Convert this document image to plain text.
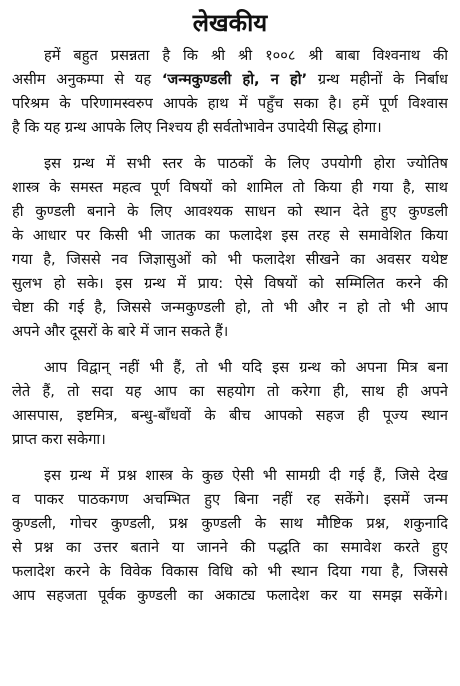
लेखकीय
हमें बहुत प्रसन्नता है कि श्री श्री १००८ श्री बाबा विश्वनाथ की
असीम अनुकम्पा से यह ‘जन्मकुण्डली हो, न हो’ ग्रन्थ महीनों के निर्बाध
परिश्रम के परिणामस्वरुप आपके हाथ में पहुँच सका है। हमें पूर्ण विश्वास
है कि यह ग्रन्थ आपके लिए निश्चय ही सर्वतोभावेन उपादेयी सिद्ध होगा।
इस ग्रन्थ में सभी स्तर के पाठकों के लिए उपयोगी होरा ज्योतिष
शास्त्र के समस्त महत्व पूर्ण विषयों को शामिल तो किया ही गया है, साथ
ही कुण्डली बनाने के लिए आवश्यक साधन को स्थान देते हुए कुण्डली
के आधार पर किसी भी जातक का फलादेश इस तरह से समावेशित किया
गया है, जिससे नव जिज्ञासुओं को भी फलादेश सीखने का अवसर यथेष्ट
सुलभ हो सके। इस ग्रन्थ में प्राय: ऐसे विषयों को सम्मिलित करने की
चेष्टा की गई है, जिससे जन्मकुण्डली हो, तो भी और न हो तो भी आप
अपने और दूसरों के बारे में जान सकते हैं।
आप विद्वान् नहीं भी हैं, तो भी यदि इस ग्रन्थ को अपना मित्र बना
लेते हैं, तो सदा यह आप का सहयोग तो करेगा ही, साथ ही अपने
आसपास, इष्टमित्र, बन्धु-बाँधवों के बीच आपको सहज ही पूज्य स्थान
प्राप्त करा सकेगा।
इस ग्रन्थ में प्रश्न शास्त्र के कुछ ऐसी भी सामग्री दी गई हैं, जिसे देख
व पाकर पाठकगण अचम्भित हुए बिना नहीं रह सकेंगे। इसमें जन्म
कुण्डली, गोचर कुण्डली, प्रश्न कुण्डली के साथ मौष्टिक प्रश्न, शकुनादि
से प्रश्न का उत्तर बताने या जानने की पद्धति का समावेश करते हुए
फलादेश करने के विवेक विकास विधि को भी स्थान दिया गया है, जिससे
आप सहजता पूर्वक कुण्डली का अकाट्य फलादेश कर या समझ सकेंगे।
